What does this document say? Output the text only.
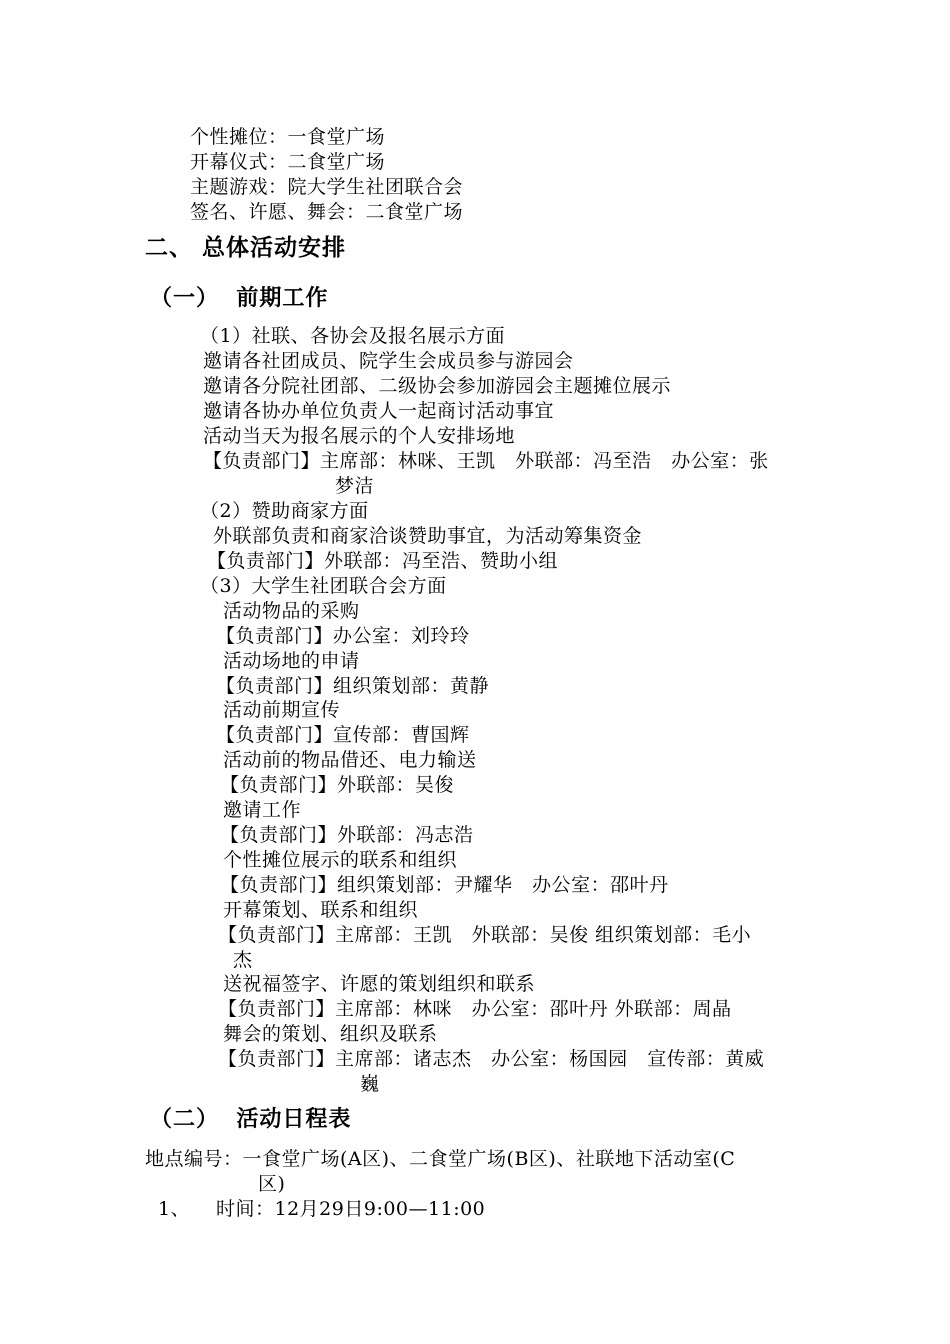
个性摊位：一食堂广场
开幕仪式：二食堂广场
主题游戏：院大学生社团联合会
签名、许愿、舞会：二食堂广场
二、 总体活动安排
（一）  前期工作
（1）社联、各协会及报名展示方面
邀请各社团成员、院学生会成员参与游园会
邀请各分院社团部、二级协会参加游园会主题摊位展示
邀请各协办单位负责人一起商讨活动事宜
活动当天为报名展示的个人安排场地
【负责部门】主席部：林咪、王凯   外联部：冯至浩   办公室：张
梦洁
（2）赞助商家方面
外联部负责和商家洽谈赞助事宜，为活动筹集资金
【负责部门】外联部：冯至浩、赞助小组
（3）大学生社团联合会方面
活动物品的采购
【负责部门】办公室：刘玲玲
活动场地的申请
【负责部门】组织策划部：黄静
活动前期宣传
【负责部门】宣传部：曹国辉
活动前的物品借还、电力输送
【负责部门】外联部：吴俊
邀请工作
【负责部门】外联部：冯志浩
个性摊位展示的联系和组织
【负责部门】组织策划部：尹耀华   办公室：邵叶丹
开幕策划、联系和组织
【负责部门】主席部：王凯   外联部：吴俊 组织策划部：毛小
杰
送祝福签字、许愿的策划组织和联系
【负责部门】主席部：林咪   办公室：邵叶丹 外联部：周晶
舞会的策划、组织及联系
【负责部门】主席部：诸志杰   办公室：杨国园   宣传部：黄威
巍
（二）  活动日程表
地点编号：一食堂广场(A区)、二食堂广场(B区)、社联地下活动室(C
区)
1、 时间：12月29日9:00—11:00
